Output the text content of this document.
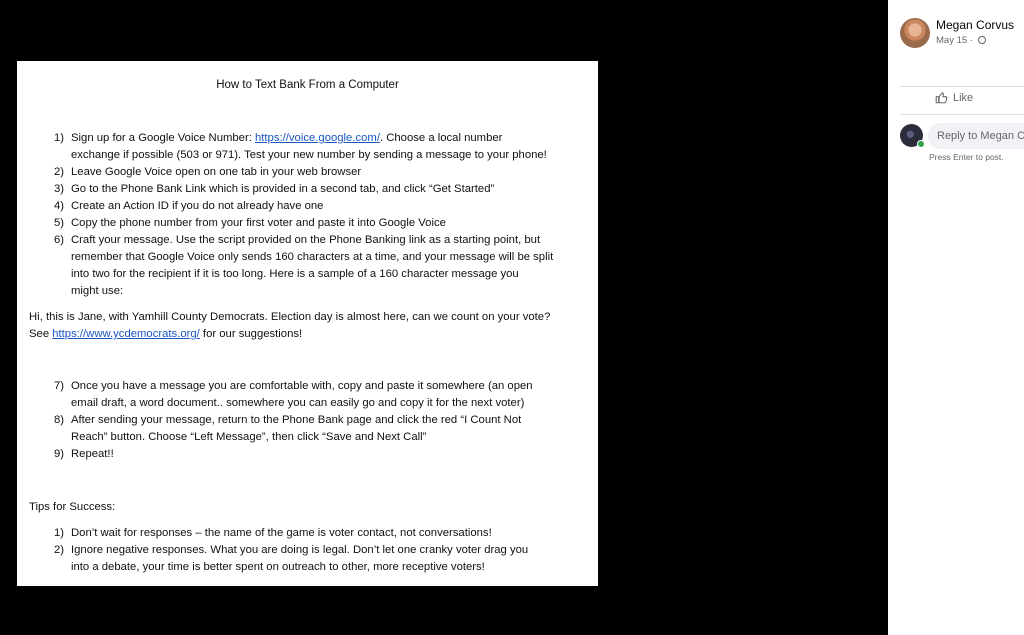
How to Text Bank From a Computer
1) Sign up for a Google Voice Number: https://voice.google.com/. Choose a local number
exchange if possible (503 or 971). Test your new number by sending a message to your phone!
2) Leave Google Voice open on one tab in your web browser
3) Go to the Phone Bank Link which is provided in a second tab, and click “Get Started”
4) Create an Action ID if you do not already have one
5) Copy the phone number from your first voter and paste it into Google Voice
6) Craft your message. Use the script provided on the Phone Banking link as a starting point, but
remember that Google Voice only sends 160 characters at a time, and your message will be split
into two for the recipient if it is too long. Here is a sample of a 160 character message you
might use:
Hi, this is Jane, with Yamhill County Democrats. Election day is almost here, can we count on your vote?
See https://www.ycdemocrats.org/ for our suggestions!
7) Once you have a message you are comfortable with, copy and paste it somewhere (an open
email draft, a word document.. somewhere you can easily go and copy it for the next voter)
8) After sending your message, return to the Phone Bank page and click the red “I Count Not
Reach” button. Choose “Left Message”, then click “Save and Next Call”
9) Repeat!!
Tips for Success:
1) Don’t wait for responses – the name of the game is voter contact, not conversations!
2) Ignore negative responses. What you are doing is legal. Don’t let one cranky voter drag you
into a debate, your time is better spent on outreach to other, more receptive voters!
Megan Corvus
May 15 ·
Like
Reply to Megan Corvus
Press Enter to post.
